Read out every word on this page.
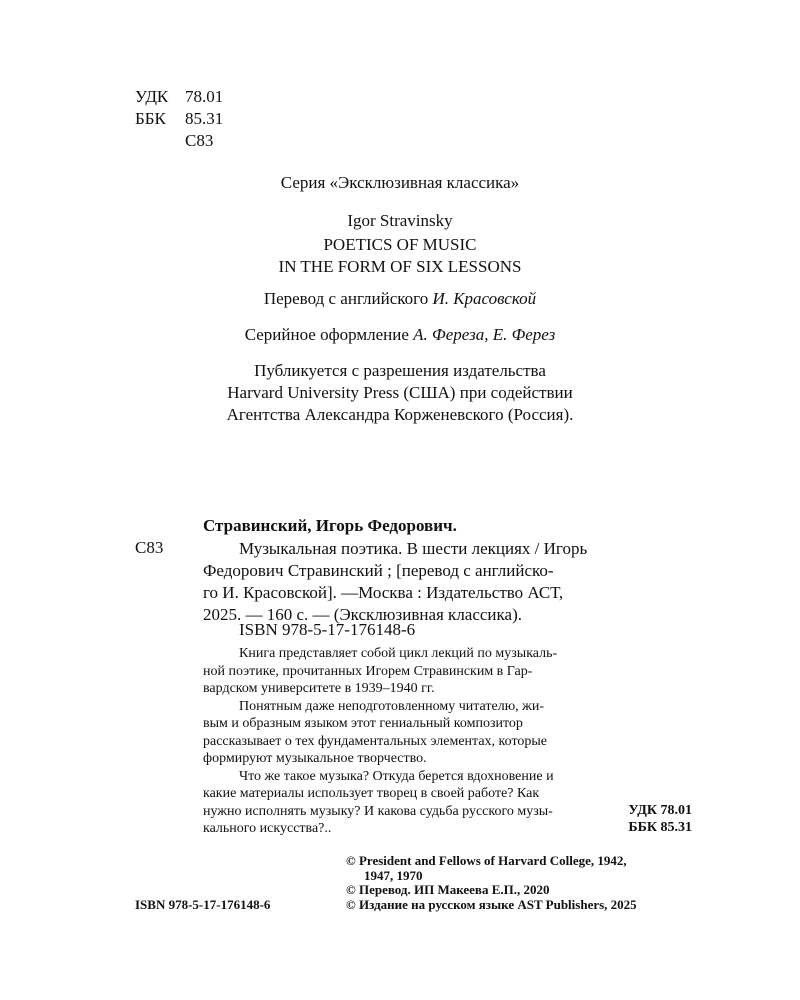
УДК 78.01
ББК	85.31
С83
Серия «Эксклюзивная классика»
Igor Stravinsky
POETICS OF MUSIC
IN THE FORM OF SIX LESSONS
Перевод с английского И. Красовской
Серийное оформление А. Фереза, Е. Ферез
Публикуется с разрешения издательства
Harvard University Press (США) при содействии
Агентства Александра Корженевского (Россия).
Стравинский, Игорь Федорович.
С83	Музыкальная поэтика. В шести лекциях / Игорь
Федорович Стравинский ; [перевод с английско-
го И. Красовской]. —Москва : Издательство АСТ,
2025. — 160 с. — (Эксклюзивная классика).
ISBN 978-5-17-176148-6
Книга представляет собой цикл лекций по музыкаль-
ной поэтике, прочитанных Игорем Стравинским в Гар-
вардском университете в 1939–1940 гг.
Понятным даже неподготовленному читателю, жи-
вым и образным языком этот гениальный композитор
рассказывает о тех фундаментальных элементах, которые
формируют музыкальное творчество.
Что же такое музыка? Откуда берется вдохновение и
какие материалы использует творец в своей работе? Как
нужно исполнять музыку? И какова судьба русского музы-
кального искусства?..
УДК 78.01
ББК 85.31
ISBN 978-5-17-176148-6
© President and Fellows of Harvard College, 1942,
1947, 1970
© Перевод. ИП Макеева Е.П., 2020
© Издание на русском языке AST Publishers, 2025
